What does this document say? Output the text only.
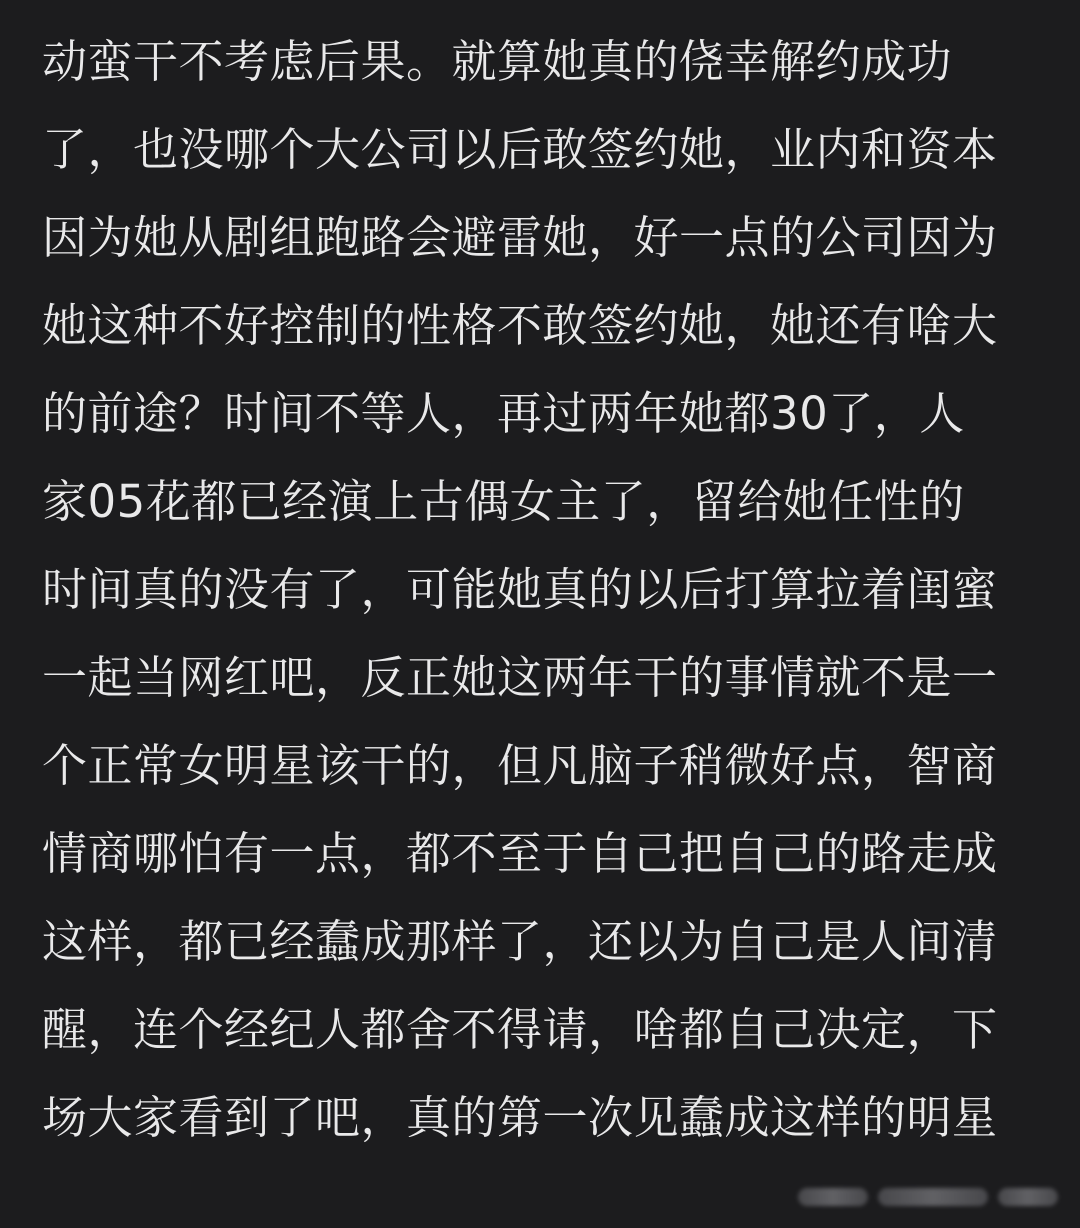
动蛮干不考虑后果。就算她真的侥幸解约成功
了，也没哪个大公司以后敢签约她，业内和资本
因为她从剧组跑路会避雷她，好一点的公司因为
她这种不好控制的性格不敢签约她，她还有啥大
的前途？时间不等人，再过两年她都30了，人
家05花都已经演上古偶女主了，留给她任性的
时间真的没有了，可能她真的以后打算拉着闺蜜
一起当网红吧，反正她这两年干的事情就不是一
个正常女明星该干的，但凡脑子稍微好点，智商
情商哪怕有一点，都不至于自己把自己的路走成
这样，都已经蠢成那样了，还以为自己是人间清
醒，连个经纪人都舍不得请，啥都自己决定，下
场大家看到了吧，真的第一次见蠢成这样的明星
